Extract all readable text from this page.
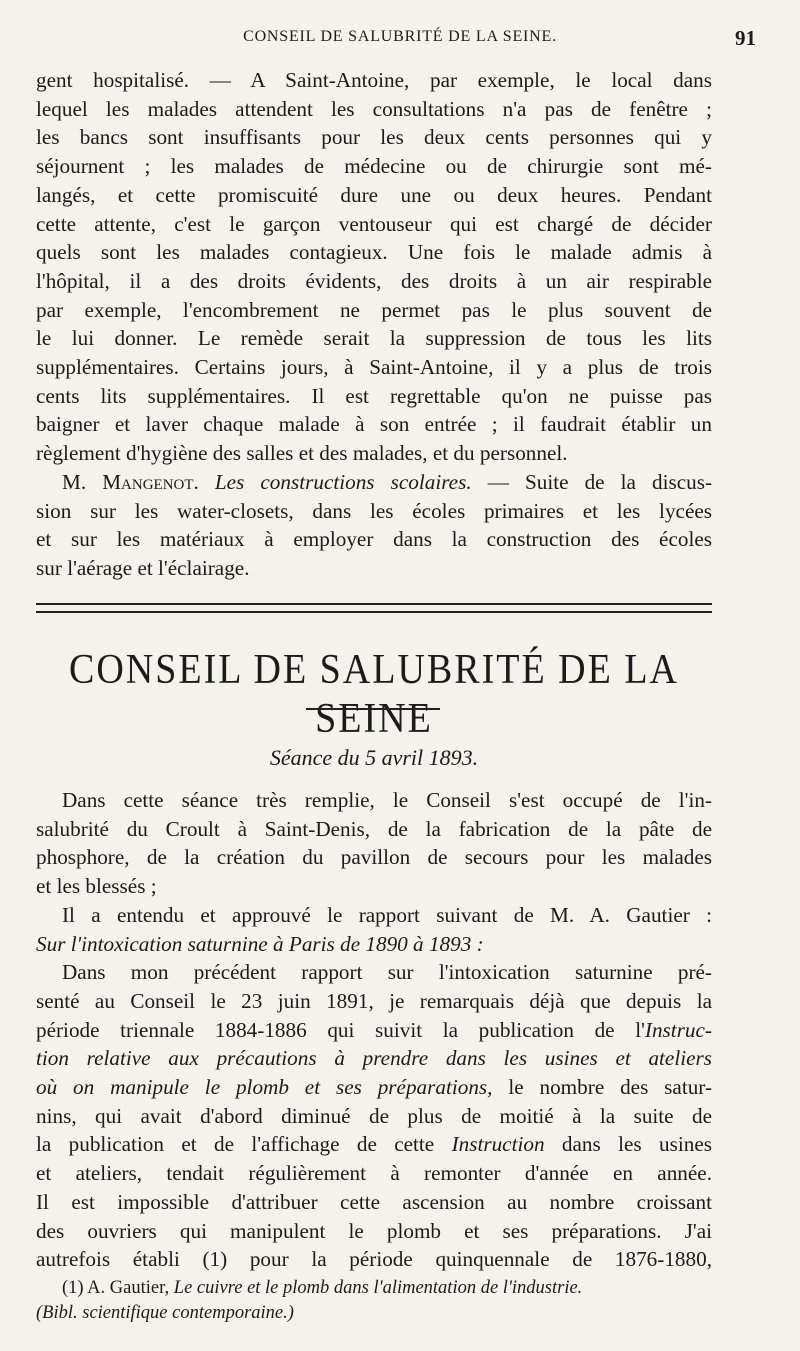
CONSEIL DE SALUBRITÉ DE LA SEINE.	91

gent hospitalisé. — A Saint-Antoine, par exemple, le local dans

lequel les malades attendent les consultations n'a pas de fenêtre ;

les bancs sont insuffisants pour les deux cents personnes qui y

séjournent ; les malades de médecine ou de chirurgie sont mé-

langés, et cette promiscuité dure une ou deux heures. Pendant

cette attente, c'est le garçon ventouseur qui est chargé de décider

quels sont les malades contagieux. Une fois le malade admis à

l'hôpital, il a des droits évidents, des droits à un air respirable

par exemple, l'encombrement ne permet pas le plus souvent de

le lui donner. Le remède serait la suppression de tous les lits

supplémentaires. Certains jours, à Saint-Antoine, il y a plus de trois

cents lits supplémentaires. Il est regrettable qu'on ne puisse pas

baigner et laver chaque malade à son entrée ; il faudrait établir un

règlement d'hygiène des salles et des malades, et du personnel.

M. Mangenot. Les constructions scolaires. — Suite de la discus-

sion sur les water-closets, dans les écoles primaires et les lycées

et sur les matériaux à employer dans la construction des écoles

sur l'aérage et l'éclairage.

CONSEIL DE SALUBRITÉ DE LA SEINE
Séance du 5 avril 1893.

Dans cette séance très remplie, le Conseil s'est occupé de l'in-

salubrité du Croult à Saint-Denis, de la fabrication de la pâte de

phosphore, de la création du pavillon de secours pour les malades

et les blessés ;

Il a entendu et approuvé le rapport suivant de M. A. Gautier :

Sur l'intoxication saturnine à Paris de 1890 à 1893 :

Dans mon précédent rapport sur l'intoxication saturnine pré-

senté au Conseil le 23 juin 1891, je remarquais déjà que depuis la

période triennale 1884-1886 qui suivit la publication de l'Instruc-

tion relative aux précautions à prendre dans les usines et ateliers

où on manipule le plomb et ses préparations, le nombre des satur-

nins, qui avait d'abord diminué de plus de moitié à la suite de

la publication et de l'affichage de cette Instruction dans les usines

et ateliers, tendait régulièrement à remonter d'année en année.

Il est impossible d'attribuer cette ascension au nombre croissant

des ouvriers qui manipulent le plomb et ses préparations. J'ai

autrefois établi (1) pour la période quinquennale de 1876-1880,

(1) A. Gautier, Le cuivre et le plomb dans l'alimentation de l'industrie.

(Bibl. scientifique contemporaine.)
